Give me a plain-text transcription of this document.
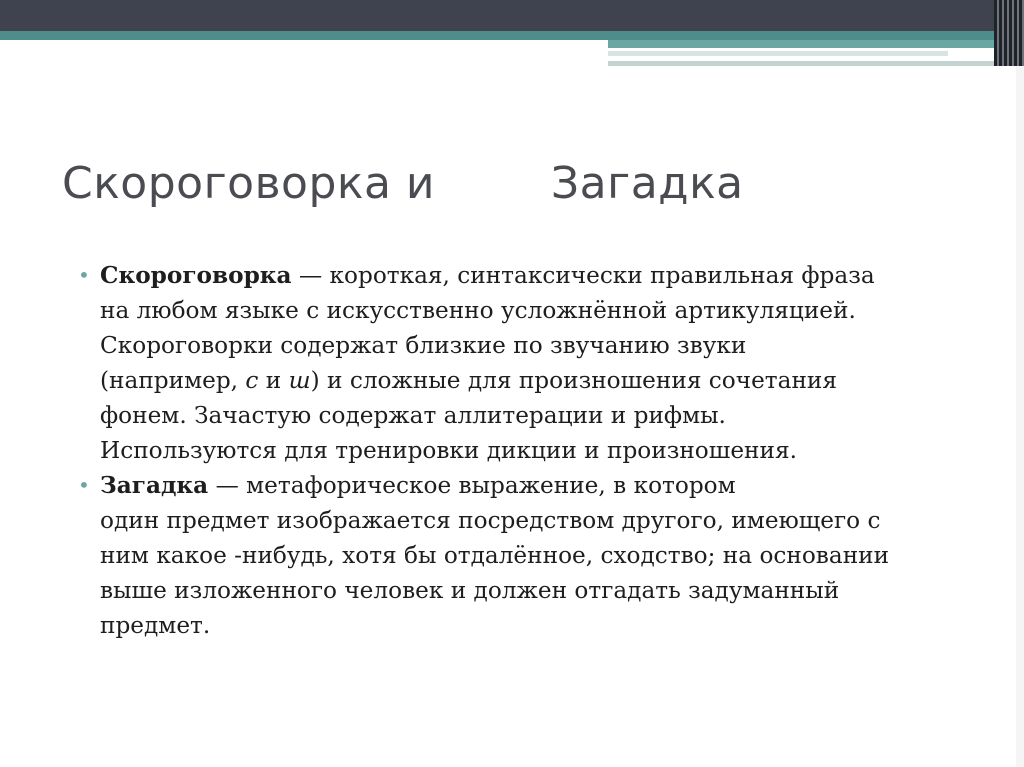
Скороговорка и        Загадка
• Скороговорка — короткая, синтаксически правильная фраза
на любом языке с искусственно усложнённой артикуляцией.
Скороговорки содержат близкие по звучанию звуки
(например, с и ш) и сложные для произношения сочетания
фонем. Зачастую содержат аллитерации и рифмы.
Используются для тренировки дикции и произношения.
• Загадка — метафорическое выражение, в котором
один предмет изображается посредством другого, имеющего с
ним какое -нибудь, хотя бы отдалённое, сходство; на основании
выше изложенного человек и должен отгадать задуманный
предмет.
